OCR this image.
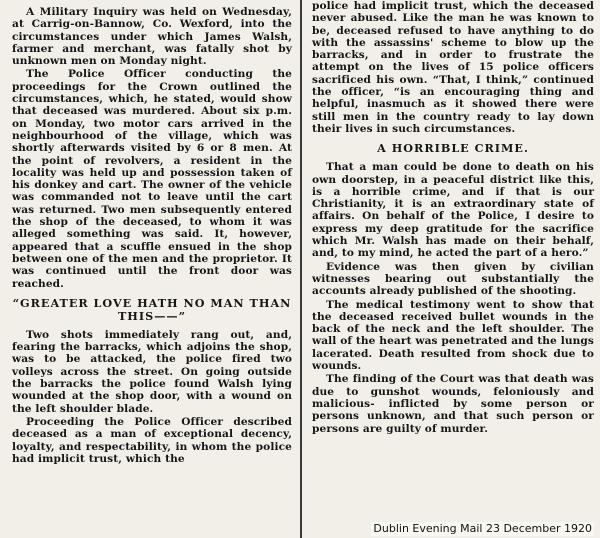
A Military Inquiry was held on Wednesday, at Carrig-on-Bannow, Co. Wexford, into the circumstances under which James Walsh, farmer and merchant, was fatally shot by unknown men on Monday night.

The Police Officer conducting the proceedings for the Crown outlined the circumstances, which, he stated, would show that deceased was murdered. About six p.m. on Monday, two motor cars arrived in the neighbourhood of the village, which was shortly afterwards visited by 6 or 8 men. At the point of revolvers, a resident in the locality was held up and possession taken of his donkey and cart. The owner of the vehicle was commanded not to leave until the cart was returned. Two men subsequently entered the shop of the deceased, to whom it was alleged something was said. It, however, appeared that a scuffle ensued in the shop between one of the men and the proprietor. It was continued until the front door was reached.

“GREATER LOVE HATH NO MAN THAN THIS——”

Two shots immediately rang out, and, fearing the barracks, which adjoins the shop, was to be attacked, the police fired two volleys across the street. On going outside the barracks the police found Walsh lying wounded at the shop door, with a wound on the left shoulder blade.

Proceeding the Police Officer described deceased as a man of exceptional decency, loyalty, and respectability, in whom the police had implicit trust, which the

police had implicit trust, which the deceased never abused. Like the man he was known to be, deceased refused to have anything to do with the assassins' scheme to blow up the barracks, and in order to frustrate the attempt on the lives of 15 police officers sacrificed his own. “That, I think,” continued the officer, “is an encouraging thing and helpful, inasmuch as it showed there were still men in the country ready to lay down their lives in such circumstances.

A HORRIBLE CRIME.

That a man could be done to death on his own doorstep, in a peaceful district like this, is a horrible crime, and if that is our Christianity, it is an extraordinary state of affairs. On behalf of the Police, I desire to express my deep gratitude for the sacrifice which Mr. Walsh has made on their behalf, and, to my mind, he acted the part of a hero.”

Evidence was then given by civilian witnesses bearing out substantially the accounts already published of the shooting.

The medical testimony went to show that the deceased received bullet wounds in the back of the neck and the left shoulder. The wall of the heart was penetrated and the lungs lacerated. Death resulted from shock due to wounds.

The finding of the Court was that death was due to gunshot wounds, feloniously and malicious- inflicted by some person or persons unknown, and that such person or persons are guilty of murder.

Dublin Evening Mail 23 December 1920
